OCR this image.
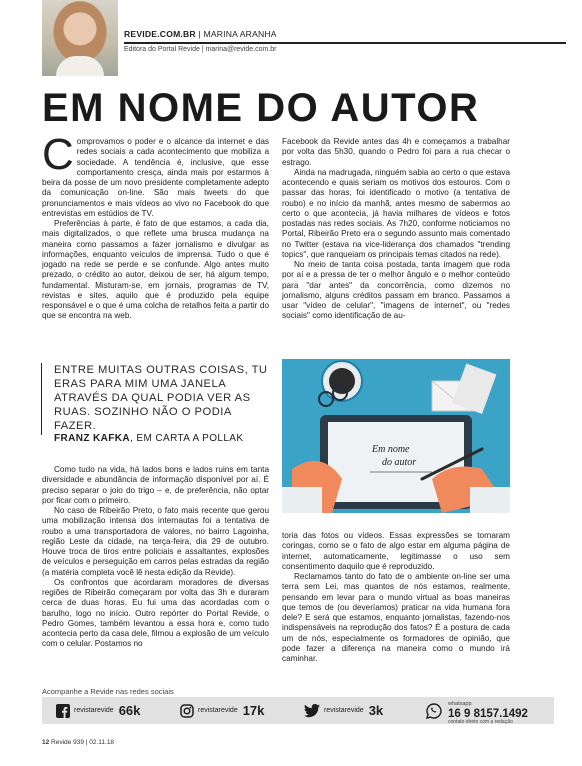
REVIDE.COM.BR | MARINA ARANHA
Editora do Portal Revide | marina@revide.com.br
EM NOME DO AUTOR

Comprovamos o poder e o alcance da internet e das redes sociais a cada acontecimento que mobiliza a sociedade. A tendência é, inclusive, que esse comportamento cresça, ainda mais por estarmos à beira da posse de um novo presidente completamente adepto da comunicação on-line. São mais tweets do que pronunciamentos e mais vídeos ao vivo no Facebook do que entrevistas em estúdios de TV.

Preferências à parte, é fato de que estamos, a cada dia, mais digitalizados, o que reflete uma brusca mudança na maneira como passamos a fazer jornalismo e divulgar as informações, enquanto veículos de imprensa. Tudo o que é jogado na rede se perde e se confunde. Algo antes muito prezado, o crédito ao autor, deixou de ser, há algum tempo, fundamental. Misturam-se, em jornais, programas de TV, revistas e sites, aquilo que é produzido pela equipe responsável e o que é uma colcha de retalhos feita a partir do que se encontra na web.

Facebook da Revide antes das 4h e começamos a trabalhar por volta das 5h30, quando o Pedro foi para a rua checar o estrago.

Ainda na madrugada, ninguém sabia ao certo o que estava acontecendo e quais seriam os motivos dos estouros. Com o passar das horas, foi identificado o motivo (a tentativa de roubo) e no início da manhã, antes mesmo de sabermos ao certo o que acontecia, já havia milhares de vídeos e fotos postadas nas redes sociais. As 7h20, conforme noticiamos no Portal, Ribeirão Preto era o segundo assunto mais comentado no Twitter (estava na vice-liderança dos chamados "trending topics", que ranqueiam os principais temas citados na rede).

No meio de tanta coisa postada, tanta imagem que roda por aí e a pressa de ter o melhor ângulo e o melhor conteúdo para "dar antes" da concorrência, como dizemos no jornalismo, alguns créditos passam em branco. Passamos a usar "vídeo de celular", "imagens de internet", ou "redes sociais" como identificação de au-

ENTRE MUITAS OUTRAS COISAS, TU ERAS PARA MIM UMA JANELA ATRAVÉS DA QUAL PODIA VER AS RUAS. SOZINHO NÃO O PODIA FAZER.
FRANZ KAFKA, EM CARTA A POLLAK
Em nome
do autor

Como tudo na vida, há lados bons e lados ruins em tanta diversidade e abundância de informação disponível por aí. É preciso separar o joio do trigo – e, de preferência, não optar por ficar com o primeiro.

No caso de Ribeirão Preto, o fato mais recente que gerou uma mobilização intensa dos internautas foi a tentativa de roubo a uma transportadora de valores, no bairro Lagoinha, região Leste da cidade, na terça-feira, dia 29 de outubro. Houve troca de tiros entre policiais e assaltantes, explosões de veículos e perseguição em carros pelas estradas da região (a matéria completa você lê nesta edição da Revide).

Os confrontos que acordaram moradores de diversas regiões de Ribeirão começaram por volta das 3h e duraram cerca de duas horas. Eu fui uma das acordadas com o barulho, logo no início. Outro repórter do Portal Revide, o Pedro Gomes, também levantou a essa hora e, como tudo acontecia perto da casa dele, filmou a explosão de um veículo com o celular. Postamos no

toria das fotos ou vídeos. Essas expressões se tornaram coringas, como se o fato de algo estar em alguma página de internet, automaticamente, legitimasse o uso sem consentimento daquilo que é reproduzido.

Reclamamos tanto do fato de o ambiente on-line ser uma terra sem Lei, mas quantos de nós estamos, realmente, pensando em levar para o mundo virtual as boas maneiras que temos de (ou deveríamos) praticar na vida humana fora dele? E será que estamos, enquanto jornalistas, fazendo-nos indispensáveis na reprodução dos fatos? É a postura de cada um de nós, especialmente os formadores de opinião, que pode fazer a diferença na maneira como o mundo irá caminhar.

Acompanhe a Revide nas redes sociais
revistarevide 66k	revistarevide 17k	revistarevide 3k	whatsapp
16 9 8157.1492
contato direto com a redação
12 Revide 939 | 02.11.18
